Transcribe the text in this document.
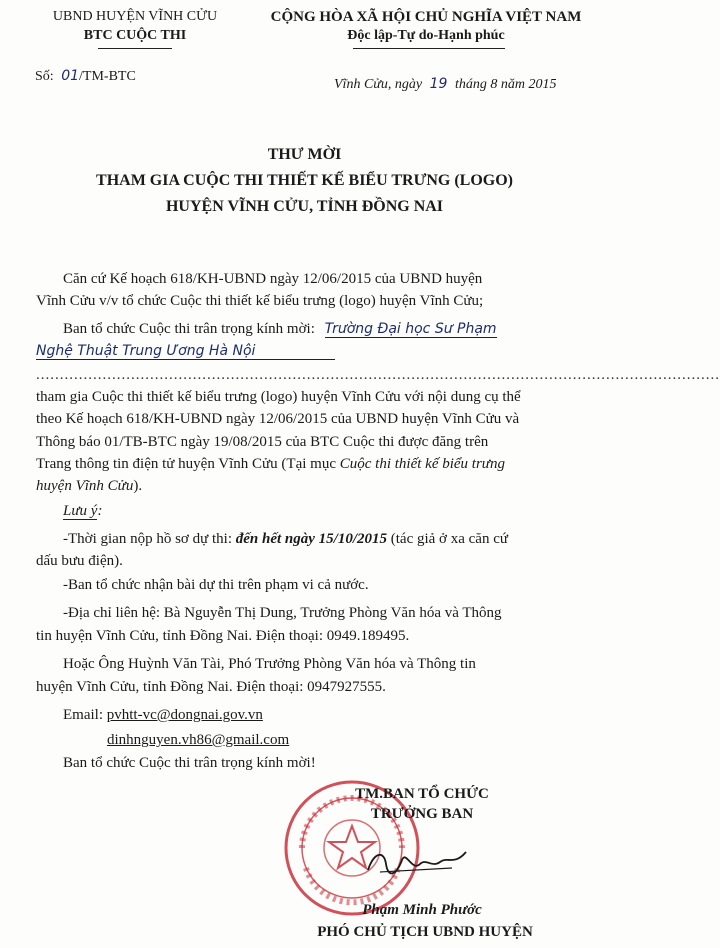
UBND HUYỆN VĨNH CỬU
BTC CUỘC THI
Số: 01/TM-BTC
CỘNG HÒA XÃ HỘI CHỦ NGHĨA VIỆT NAM
Độc lập-Tự do-Hạnh phúc
Vĩnh Cửu, ngày 19 tháng 8 năm 2015
THƯ MỜI
THAM GIA CUỘC THI THIẾT KẾ BIỂU TRƯNG (LOGO)
HUYỆN VĨNH CỬU, TỈNH ĐỒNG NAI
Căn cứ Kế hoạch 618/KH-UBND ngày 12/06/2015 của UBND huyện
Vĩnh Cửu v/v tổ chức Cuộc thi thiết kế biểu trưng (logo) huyện Vĩnh Cửu;
Ban tổ chức Cuộc thi trân trọng kính mời: Trường Đại học Sư Phạm
Nghệ Thuật Trung Ương Hà Nội
................................................................................................................................................
tham gia Cuộc thi thiết kế biểu trưng (logo) huyện Vĩnh Cửu với nội dung cụ thể
theo Kế hoạch 618/KH-UBND ngày 12/06/2015 của UBND huyện Vĩnh Cửu và
Thông báo 01/TB-BTC ngày 19/08/2015 của BTC Cuộc thi được đăng trên
Trang thông tin điện tử huyện Vĩnh Cửu (Tại mục Cuộc thi thiết kế biểu trưng
huyện Vĩnh Cửu).
Lưu ý:
-Thời gian nộp hồ sơ dự thi: đến hết ngày 15/10/2015 (tác giả ở xa căn cứ
dấu bưu điện).
-Ban tổ chức nhận bài dự thi trên phạm vi cả nước.
-Địa chỉ liên hệ: Bà Nguyễn Thị Dung, Trưởng Phòng Văn hóa và Thông
tin huyện Vĩnh Cửu, tỉnh Đồng Nai. Điện thoại: 0949.189495.
Hoặc Ông Huỳnh Văn Tài, Phó Trưởng Phòng Văn hóa và Thông tin
huyện Vĩnh Cửu, tỉnh Đồng Nai. Điện thoại: 0947927555.
Email: pvhtt-vc@dongnai.gov.vn
dinhnguyen.vh86@gmail.com
Ban tổ chức Cuộc thi trân trọng kính mời!
TM.BAN TỔ CHỨC
TRƯỞNG BAN
Phạm Minh Phước
PHÓ CHỦ TỊCH UBND HUYỆN
